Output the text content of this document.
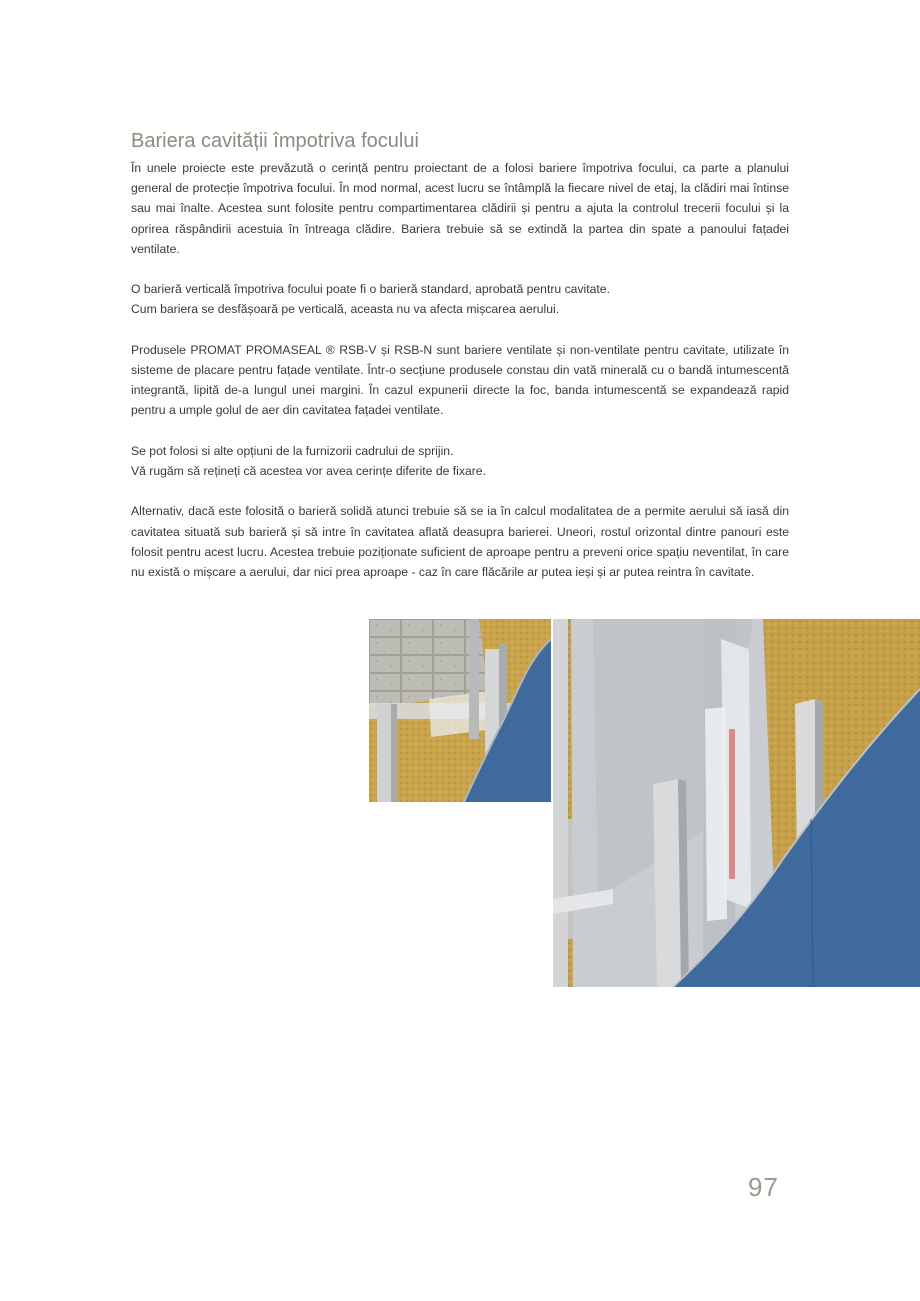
Bariera cavității împotriva focului

În unele proiecte este prevăzută o cerință pentru proiectant de a folosi bariere împotriva focului, ca parte a planului general de protecție împotriva focului. În mod normal, acest lucru se întâmplă la fiecare nivel de etaj, la clădiri mai întinse sau mai înalte. Acestea sunt folosite pentru compartimentarea clădirii și pentru a ajuta la controlul trecerii focului și la oprirea răspândirii acestuia în întreaga clădire. Bariera trebuie să se extindă la partea din spate a panoului fațadei ventilate.

O barieră verticală împotriva focului poate fi o barieră standard, aprobată pentru cavitate.
Cum bariera se desfășoară pe verticală, aceasta nu va afecta mișcarea aerului.

Produsele PROMAT PROMASEAL ® RSB-V și RSB-N sunt bariere ventilate și non-ventilate pentru cavitate, utilizate în sisteme de placare pentru fațade ventilate. Într-o secțiune produsele constau din vată minerală cu o bandă intumescentă integrantă, lipită de-a lungul unei margini. În cazul expunerii directe la foc, banda intumescentă se expandează rapid pentru a umple golul de aer din cavitatea fațadei ventilate.

Se pot folosi si alte opțiuni de la furnizorii cadrului de sprijin.
Vă rugăm să rețineți că acestea vor avea cerințe diferite de fixare.

Alternativ, dacă este folosită o barieră solidă atunci trebuie să se ia în calcul modalitatea de a permite aerului să iasă din cavitatea situată sub barieră și să intre în cavitatea aflată deasupra barierei. Uneori, rostul orizontal dintre panouri este folosit pentru acest lucru. Acestea trebuie poziționate suficient de aproape pentru a preveni orice spațiu neventilat, în care nu există o mișcare a aerului, dar nici prea aproape - caz în care flăcările ar putea ieși și ar putea reintra în cavitate.

97
